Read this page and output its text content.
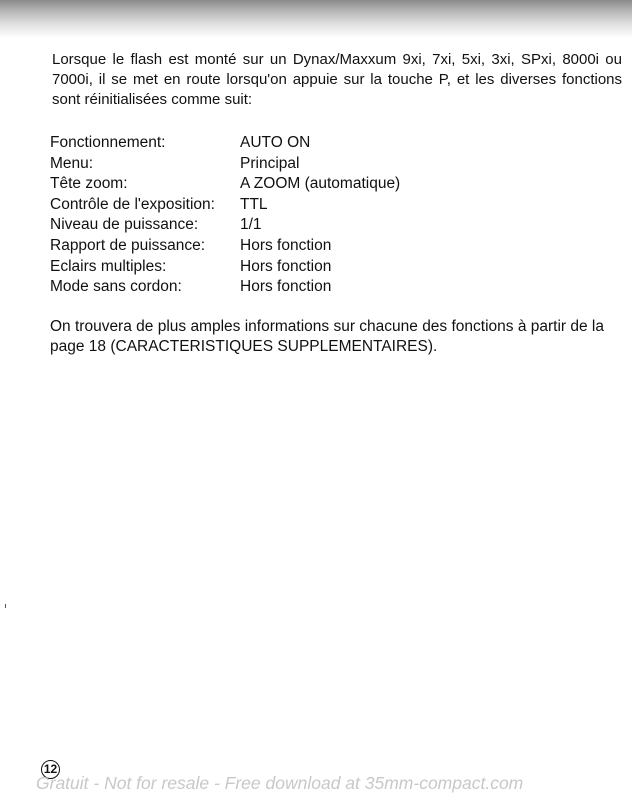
Lorsque le flash est monté sur un Dynax/Maxxum 9xi, 7xi, 5xi, 3xi, SPxi, 8000i ou 7000i, il se met en route lorsqu'on appuie sur la touche P, et les diverses fonctions sont réinitialisées comme suit:

Fonctionnement:	AUTO ON
Menu:	Principal
Tête zoom:	A ZOOM (automatique)
Contrôle de l'exposition:	TTL
Niveau de puissance:	1/1
Rapport de puissance:	Hors fonction
Eclairs multiples:	Hors fonction
Mode sans cordon:	Hors fonction

On trouvera de plus amples informations sur chacune des fonctions à partir de la page 18 (CARACTERISTIQUES SUPPLEMENTAIRES).

12
Gratuit - Not for resale - Free download at 35mm-compact.com
